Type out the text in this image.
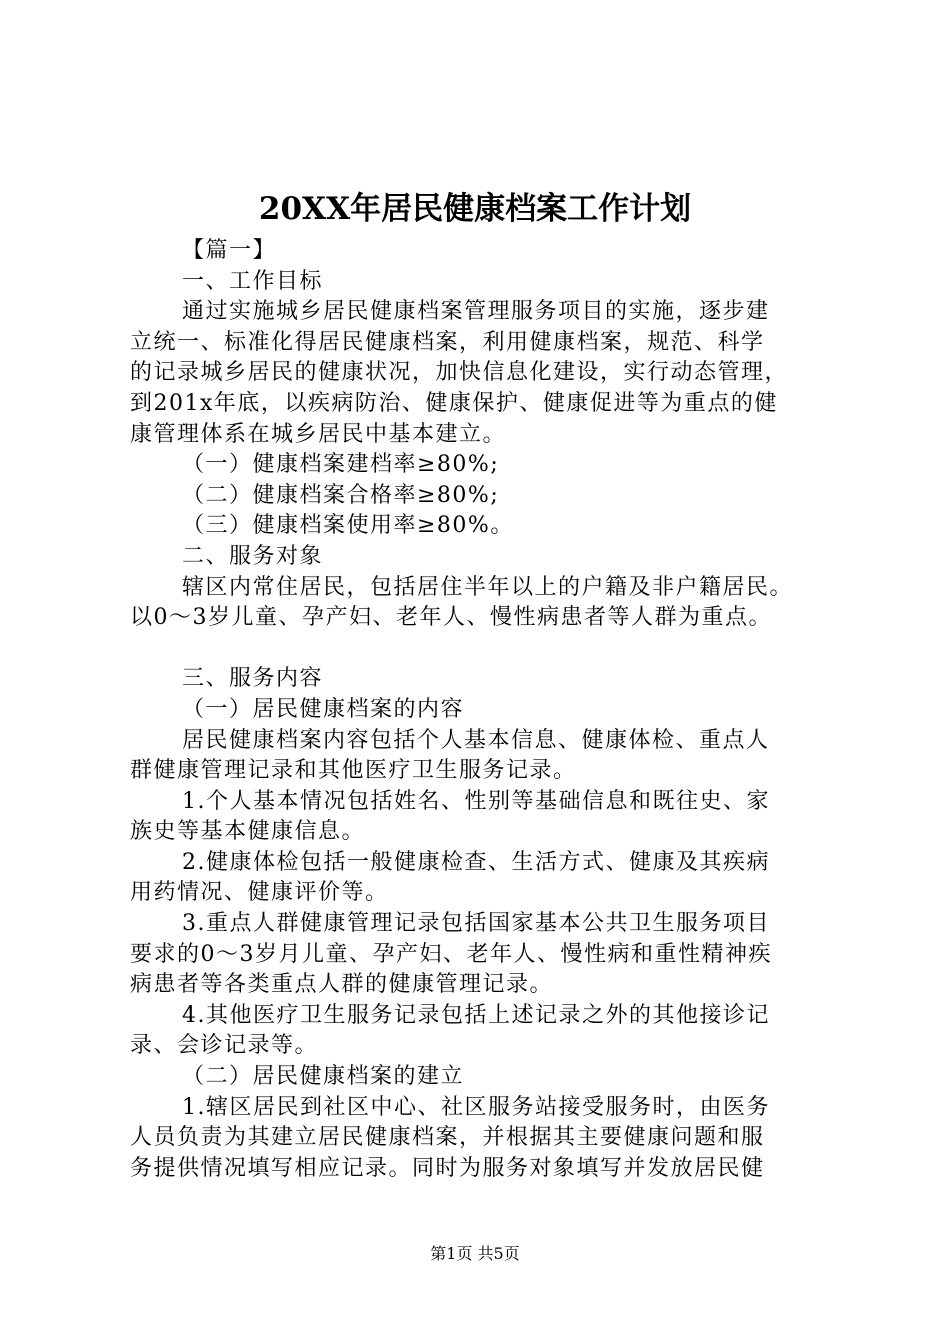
20XX年居民健康档案工作计划
【篇一】
一、工作目标
通过实施城乡居民健康档案管理服务项目的实施，逐步建
立统一、标准化得居民健康档案，利用健康档案，规范、科学
的记录城乡居民的健康状况，加快信息化建设，实行动态管理，
到201x年底，以疾病防治、健康保护、健康促进等为重点的健
康管理体系在城乡居民中基本建立。
（一）健康档案建档率≥80%;
（二）健康档案合格率≥80%;
（三）健康档案使用率≥80%。
二、服务对象
辖区内常住居民，包括居住半年以上的户籍及非户籍居民。
以0～3岁儿童、孕产妇、老年人、慢性病患者等人群为重点。
三、服务内容
（一）居民健康档案的内容
居民健康档案内容包括个人基本信息、健康体检、重点人
群健康管理记录和其他医疗卫生服务记录。
1.个人基本情况包括姓名、性别等基础信息和既往史、家
族史等基本健康信息。
2.健康体检包括一般健康检查、生活方式、健康及其疾病
用药情况、健康评价等。
3.重点人群健康管理记录包括国家基本公共卫生服务项目
要求的0～3岁月儿童、孕产妇、老年人、慢性病和重性精神疾
病患者等各类重点人群的健康管理记录。
4.其他医疗卫生服务记录包括上述记录之外的其他接诊记
录、会诊记录等。
（二）居民健康档案的建立
1.辖区居民到社区中心、社区服务站接受服务时，由医务
人员负责为其建立居民健康档案，并根据其主要健康问题和服
务提供情况填写相应记录。同时为服务对象填写并发放居民健
第1页 共5页
